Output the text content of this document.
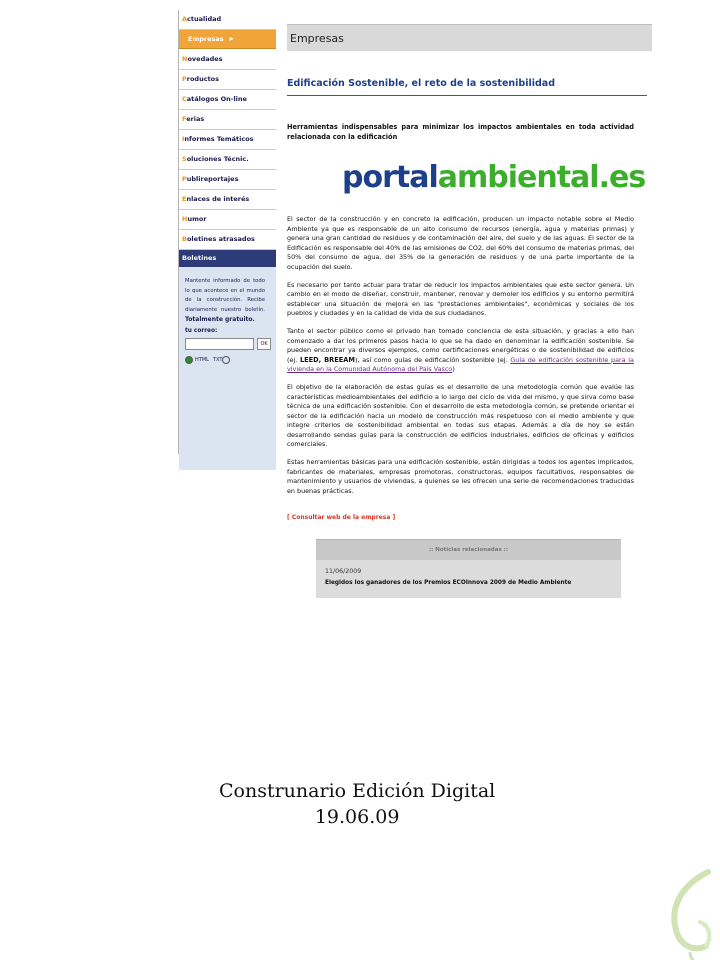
Actualidad
Empresas ▸
Novedades
Productos
Catálogos On-line
Ferias
Informes Temáticos
Soluciones Técnic.
Publireportajes
Enlaces de interés
Humor
Boletines atrasados
Boletines
Mantente informado de todo lo que acontece en el mundo de la construcción. Recibe diariamente nuestro boletín. Totalmente gratuito.
tu correo:
OK
HTML TXT
Empresas
Edificación Sostenible, el reto de la sostenibilidad
Herramientas indispensables para minimizar los impactos ambientales en toda actividad relacionada con la edificación
portalambiental.es
El sector de la construcción y en concreto la edificación, producen un impacto notable sobre el Medio Ambiente ya que es responsable de un alto consumo de recursos (energía, agua y materias primas) y genera una gran cantidad de residuos y de contaminación del aire, del suelo y de las aguas. El sector de la Edificación es responsable del 40% de las emisiones de CO2, del 60% del consumo de materias primas, del 50% del consumo de agua, del 35% de la generación de residuos y de una parte importante de la ocupación del suelo.
Es necesario por tanto actuar para tratar de reducir los impactos ambientales que este sector genera. Un cambio en el modo de diseñar, construir, mantener, renovar y demoler los edificios y su entorno permitirá establecer una situación de mejora en las "prestaciones ambientales", económicas y sociales de los pueblos y ciudades y en la calidad de vida de sus ciudadanos.
Tanto el sector público como el privado han tomado conciencia de esta situación, y gracias a ello han comenzado a dar los primeros pasos hacia lo que se ha dado en denominar la edificación sostenible. Se pueden encontrar ya diversos ejemplos, como certificaciones energéticas o de sostenibilidad de edificios (ej. LEED, BREEAM), así como guías de edificación sostenible (ej. Guía de edificación sostenible para la vivienda en la Comunidad Autónoma del País Vasco)
El objetivo de la elaboración de estas guías es el desarrollo de una metodología común que evalúe las características medioambientales del edificio a lo largo del ciclo de vida del mismo, y que sirva como base técnica de una edificación sostenible. Con el desarrollo de esta metodología común, se pretende orientar el sector de la edificación hacia un modelo de construcción más respetuoso con el medio ambiente y que integre criterios de sostenibilidad ambiental en todas sus etapas. Además a día de hoy se están desarrollando sendas guías para la construcción de edificios industriales, edificios de oficinas y edificios comerciales.
Estas herramientas básicas para una edificación sostenible, están dirigidas a todos los agentes implicados, fabricantes de materiales, empresas promotoras, constructoras, equipos facultativos, responsables de mantenimiento y usuarios de viviendas, a quienes se les ofrecen una serie de recomendaciones traducidas en buenas prácticas.
[ Consultar web de la empresa ]
:: Noticias relacionadas ::
11/06/2009
Elegidos los ganadores de los Premios ECOInnova 2009 de Medio Ambiente
Construnario Edición Digital
19.06.09
